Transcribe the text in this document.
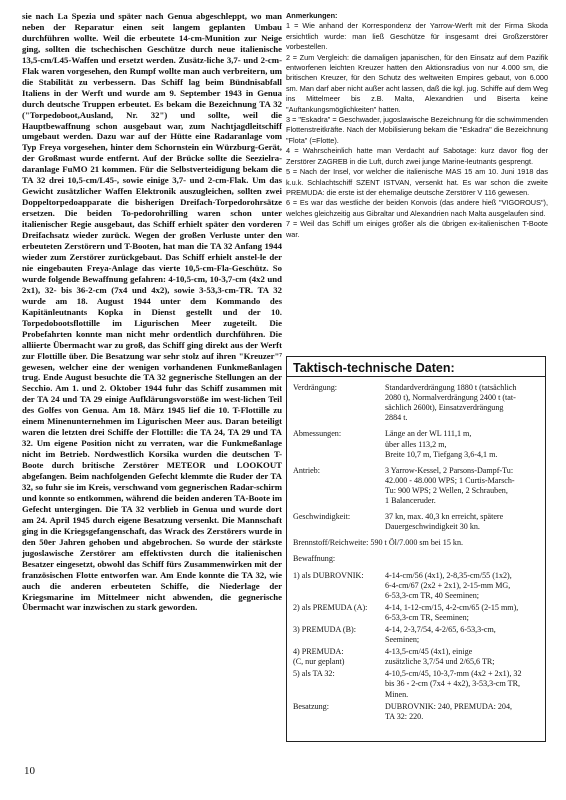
sie nach La Spezia und später nach Genua abgeschleppt, wo man neben der Reparatur einen seit langem geplanten Umbau durchführen wollte. Weil die erbeutete 14-cm-Munition zur Neige ging, sollten die tschechischen Geschütze durch neue italienische 13,5-cm/L45-Waffen und ersetzt werden. Zusätz-liche 3,7- und 2-cm-Flak waren vorgesehen, den Rumpf wollte man auch verbreitern, um die Stabilität zu verbessern. Das Schiff lag beim Bündnisabfall Italiens in der Werft und wurde am 9. September 1943 in Genua durch deutsche Truppen erbeutet. Es bekam die Bezeichnung TA 32 ("Torpedoboot,Ausland, Nr. 32") und sollte, weil die Hauptbewaffnung schon ausgebaut war, zum Nachtjagdleitschiff umgebaut werden. Dazu war auf der Hütte eine Radaranlage vom Typ Freya vorgesehen, hinter dem Schornstein ein Würzburg-Gerät, der Großmast wurde entfernt. Auf der Brücke sollte die Seezielra-daranlage FuMO 21 kommen. Für die Selbstverteidigung bekam die TA 32 drei 10,5-cm/L45-, sowie einige 3,7- und 2-cm-Flak. Um das Gewicht zusätzlicher Waffen Elektronik auszugleichen, sollten zwei Doppeltorpedoapparate die bisherigen Dreifach-Torpedorohrsätze ersetzen. Die beiden To-pedorohrilling waren schon unter italienischer Regie ausgebaut, das Schiff erhielt später den vorderen Dreifachsatz wieder zurück. Wegen der großen Verluste unter den erbeuteten Zerstörern und T-Booten, hat man die TA 32 Anfang 1944 wieder zum Zerstörer zurückgebaut. Das Schiff erhielt anstel-le der nie eingebauten Freya-Anlage das vierte 10,5-cm-Fla-Geschütz. So wurde folgende Bewaffnung gefahren: 4-10,5-cm, 10-3,7-cm (4x2 und 2x1), 32- bis 36-2-cm (7x4 und 4x2), sowie 3-53,3-cm-TR. TA 32 wurde am 18. August 1944 unter dem Kommando des Kapitänleutnants Kopka in Dienst gestellt und der 10. Torpedobootsflottille im Ligurischen Meer zugeteilt. Die Probefahrten konnte man nicht mehr ordentlich durchführen. Die alliierte Übermacht war zu groß, das Schiff ging direkt aus der Werft zur Flottille über. Die Besatzung war sehr stolz auf ihren "Kreuzer"⁷ gewesen, welcher eine der wenigen vorhandenen Funkmeßanlagen trug. Ende August besuchte die TA 32 gegnerische Stellungen an der Secchio. Am 1. und 2. Oktober 1944 fuhr das Schiff zusammen mit der TA 24 und TA 29 einige Aufklärungsvorstöße im west-lichen Teil des Golfes von Genua. Am 18. März 1945 lief die 10. T-Flottille zu einem Minenunternehmen im Ligurischen Meer aus. Daran beteiligt waren die letzten drei Schiffe der Flottille: die TA 24, TA 29 und TA 32. Um eigene Position nicht zu verraten, war die Funkmeßanlage nicht im Betrieb. Nordwestlich Korsika wurden die deutschen T-Boote durch britische Zerstörer METEOR und LOOKOUT abgefangen. Beim nachfolgenden Gefecht klemmte die Ruder der TA 32, so fuhr sie im Kreis, verschwand vom gegnerischen Radar-schirm und konnte so entkommen, während die beiden anderen TA-Boote im Gefecht untergingen. Die TA 32 verblieb in Genua und wurde dort am 24. April 1945 durch eigene Besatzung versenkt. Die Mannschaft ging in die Kriegsgefangenschaft, das Wrack des Zerstörers wurde in den 50er Jahren gehoben und abgebrochen. So wurde der stärkste jugoslawische Zerstörer am effektivsten durch die italienischen Besatzer eingesetzt, obwohl das Schiff fürs Zusammenwirken mit der französischen Flotte entworfen war. Am Ende konnte die TA 32, wie auch die anderen erbeuteten Schiffe, die Niederlage der Kriegsmarine im Mittelmeer nicht abwenden, die gegnerische Übermacht war inzwischen zu stark geworden.

Anmerkungen:

1 = Wie anhand der Korrespondenz der Yarrow-Werft mit der Firma Skoda ersichtlich wurde: man ließ Geschütze für insgesamt drei Großzerstörer vorbestellen.

2 = Zum Vergleich: die damaligen japanischen, für den Einsatz auf dem Pazifik entworfenen leichten Kreuzer hatten den Aktionsradius von nur 4.000 sm, die britischen Kreuzer, für den Schutz des weltweiten Empires gebaut, von 6.000 sm. Man darf aber nicht außer acht lassen, daß die kgl. jug. Schiffe auf dem Weg ins Mittelmeer bis z.B. Malta, Alexandrien und Biserta keine "Auftankungsmöglichkeiten" hatten.

3 = "Eskadra" = Geschwader, jugoslawische Bezeichnung für die schwimmenden Flottenstreitkräfte. Nach der Mobilisierung bekam die "Eskadra" die Bezeichnung "Flota" (=Flotte).

4 = Wahrscheinlich hatte man Verdacht auf Sabotage: kurz davor flog der Zerstörer ZAGREB in die Luft, durch zwei junge Marine-leutnants gesprengt.

5 = Nach der Insel, vor welcher die italienische MAS 15 am 10. Juni 1918 das k.u.k. Schlachtschiff SZENT ISTVAN, versenkt hat. Es war schon die zweite PREMUDA: die erste ist der ehemalige deutsche Zerstörer V 116 gewesen.

6 = Es war das westliche der beiden Konvois (das andere hieß "VIGOROUS"), welches gleichzeitig aus Gibraltar und Alexandrien nach Malta ausgelaufen sind.

7 = Weil das Schiff um einiges größer als die übrigen ex-italienischen T-Boote war.

Taktisch-technische Daten:
Verdrängung:	Standardverdrängung 1880 t (tatsächlich
2080 t), Normalverdrängung 2400 t (tat-
sächlich 2600t), Einsatzverdrängung
2884 t.
Abmessungen:	Länge an der WL 111,1 m,
über alles 113,2 m,
Breite 10,7 m, Tiefgang 3,6-4,1 m.
Antrieb:	3 Yarrow-Kessel, 2 Parsons-Dampf-Tu:
42.000 - 48.000 WPS; 1 Curtis-Marsch-
Tu: 900 WPS; 2 Wellen, 2 Schrauben,
1 Balanceruder.
Geschwindigkeit:	37 kn, max. 40,3 kn erreicht, spätere
Dauergeschwindigkeit 30 kn.
Brennstoff/Reichweite: 590 t Öl/7.000 sm bei 15 kn.
Bewaffnung:
1) als DUBROVNIK:	4-14-cm/56 (4x1), 2-8,35-cm/55 (1x2),
6-4-cm/67 (2x2 + 2x1), 2-15-mm MG,
6-53,3-cm TR, 40 Seeminen;
2) als PREMUDA (A):	4-14, 1-12-cm/15, 4-2-cm/65 (2-15 mm),
6-53,3-cm TR, Seeminen;
3) PREMUDA (B):	4-14, 2-3,7/54, 4-2/65, 6-53,3-cm,
Seeminen;
4) PREMUDA:	4-13,5-cm/45 (4x1), einige
(C, nur geplant)	zusätzliche 3,7/54 und 2/65,6 TR;
5) als TA 32:	4-10,5-cm/45, 10-3,7-mm (4x2 + 2x1), 32
bis 36 - 2-cm (7x4 + 4x2), 3-53,3-cm TR,
Minen.
Besatzung:	DUBROVNIK: 240, PREMUDA: 204,
TA 32: 220.
10
